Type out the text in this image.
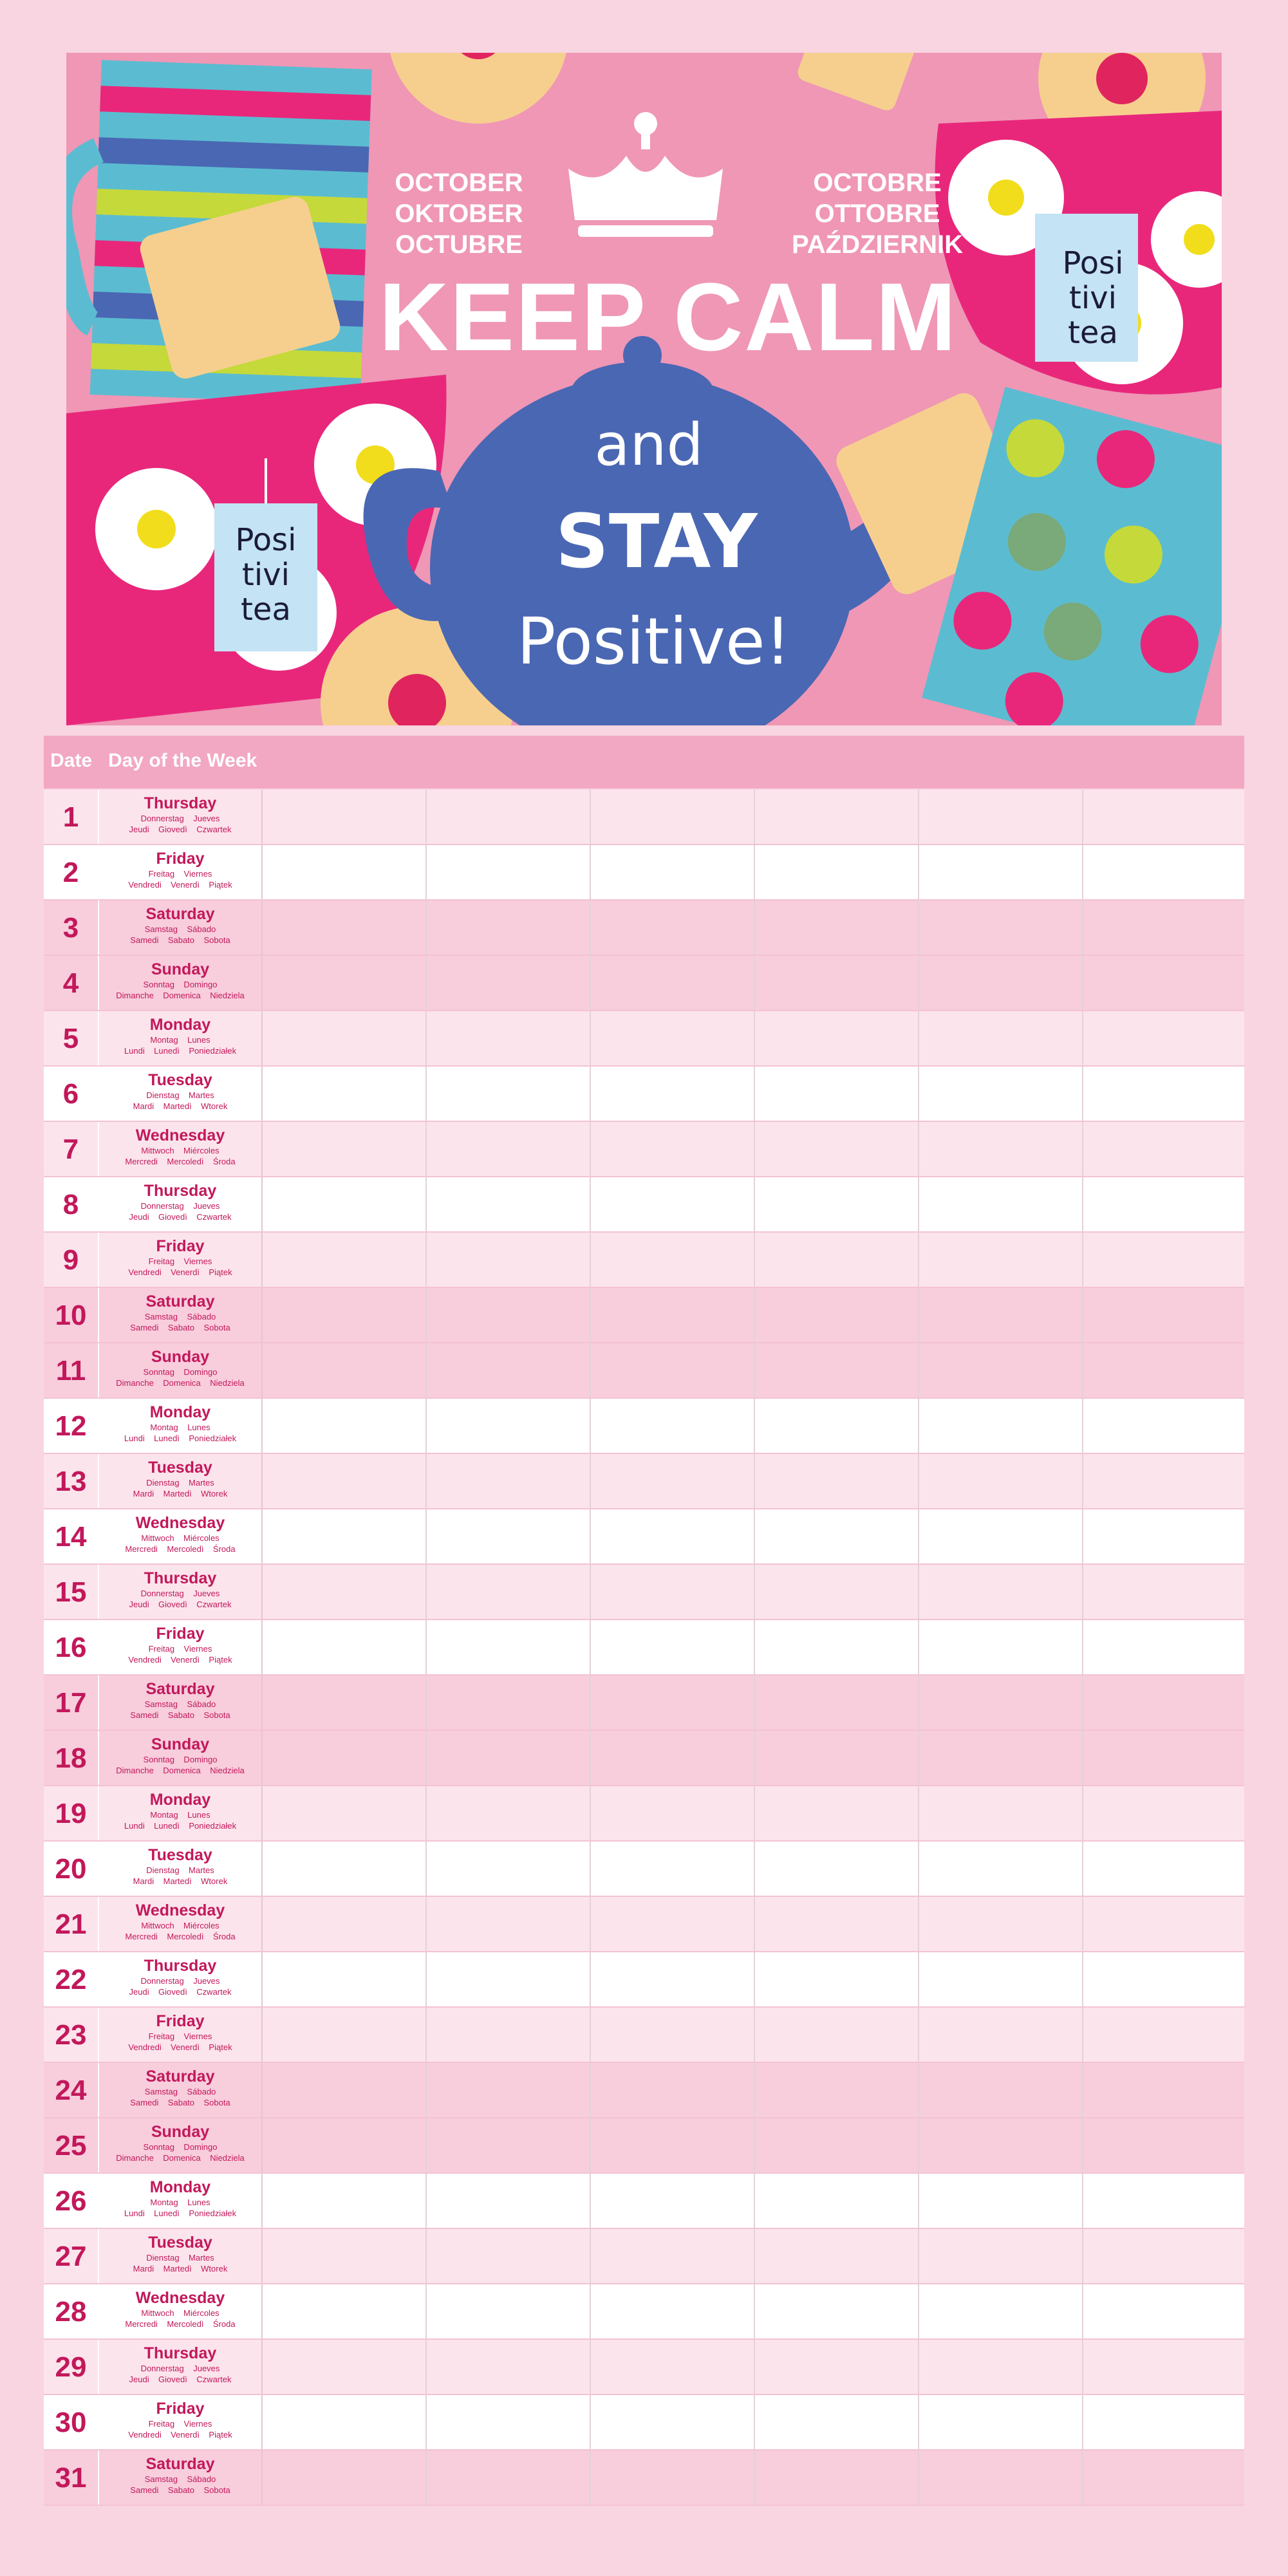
OCTOBER
OKTOBER
OCTUBRE
OCTOBRE
OTTOBRE
PAŹDZIERNIK
KEEP CALM
and
STAY
Positive!
Posi
tivi
tea
Posi
tivi
tea
Date Day of the Week
1	Thursday
Donnerstag    Jueves
Jeudi    Giovedì    Czwartek
2	Friday
Freitag    Viernes
Vendredi    Venerdì    Piątek
3	Saturday
Samstag    Sábado
Samedi    Sabato    Sobota
4	Sunday
Sonntag    Domingo
Dimanche    Domenica    Niedziela
5	Monday
Montag    Lunes
Lundi    Lunedì    Poniedziałek
6	Tuesday
Dienstag    Martes
Mardi    Martedì    Wtorek
7	Wednesday
Mittwoch    Miércoles
Mercredi    Mercoledì    Środa
8	Thursday
Donnerstag    Jueves
Jeudi    Giovedì    Czwartek
9	Friday
Freitag    Viernes
Vendredi    Venerdì    Piątek
10	Saturday
Samstag    Sábado
Samedi    Sabato    Sobota
11	Sunday
Sonntag    Domingo
Dimanche    Domenica    Niedziela
12	Monday
Montag    Lunes
Lundi    Lunedì    Poniedziałek
13	Tuesday
Dienstag    Martes
Mardi    Martedì    Wtorek
14	Wednesday
Mittwoch    Miércoles
Mercredi    Mercoledì    Środa
15	Thursday
Donnerstag    Jueves
Jeudi    Giovedì    Czwartek
16	Friday
Freitag    Viernes
Vendredi    Venerdì    Piątek
17	Saturday
Samstag    Sábado
Samedi    Sabato    Sobota
18	Sunday
Sonntag    Domingo
Dimanche    Domenica    Niedziela
19	Monday
Montag    Lunes
Lundi    Lunedì    Poniedziałek
20	Tuesday
Dienstag    Martes
Mardi    Martedì    Wtorek
21	Wednesday
Mittwoch    Miércoles
Mercredi    Mercoledì    Środa
22	Thursday
Donnerstag    Jueves
Jeudi    Giovedì    Czwartek
23	Friday
Freitag    Viernes
Vendredi    Venerdì    Piątek
24	Saturday
Samstag    Sábado
Samedi    Sabato    Sobota
25	Sunday
Sonntag    Domingo
Dimanche    Domenica    Niedziela
26	Monday
Montag    Lunes
Lundi    Lunedì    Poniedziałek
27	Tuesday
Dienstag    Martes
Mardi    Martedì    Wtorek
28	Wednesday
Mittwoch    Miércoles
Mercredi    Mercoledì    Środa
29	Thursday
Donnerstag    Jueves
Jeudi    Giovedì    Czwartek
30	Friday
Freitag    Viernes
Vendredi    Venerdì    Piątek
31	Saturday
Samstag    Sábado
Samedi    Sabato    Sobota
